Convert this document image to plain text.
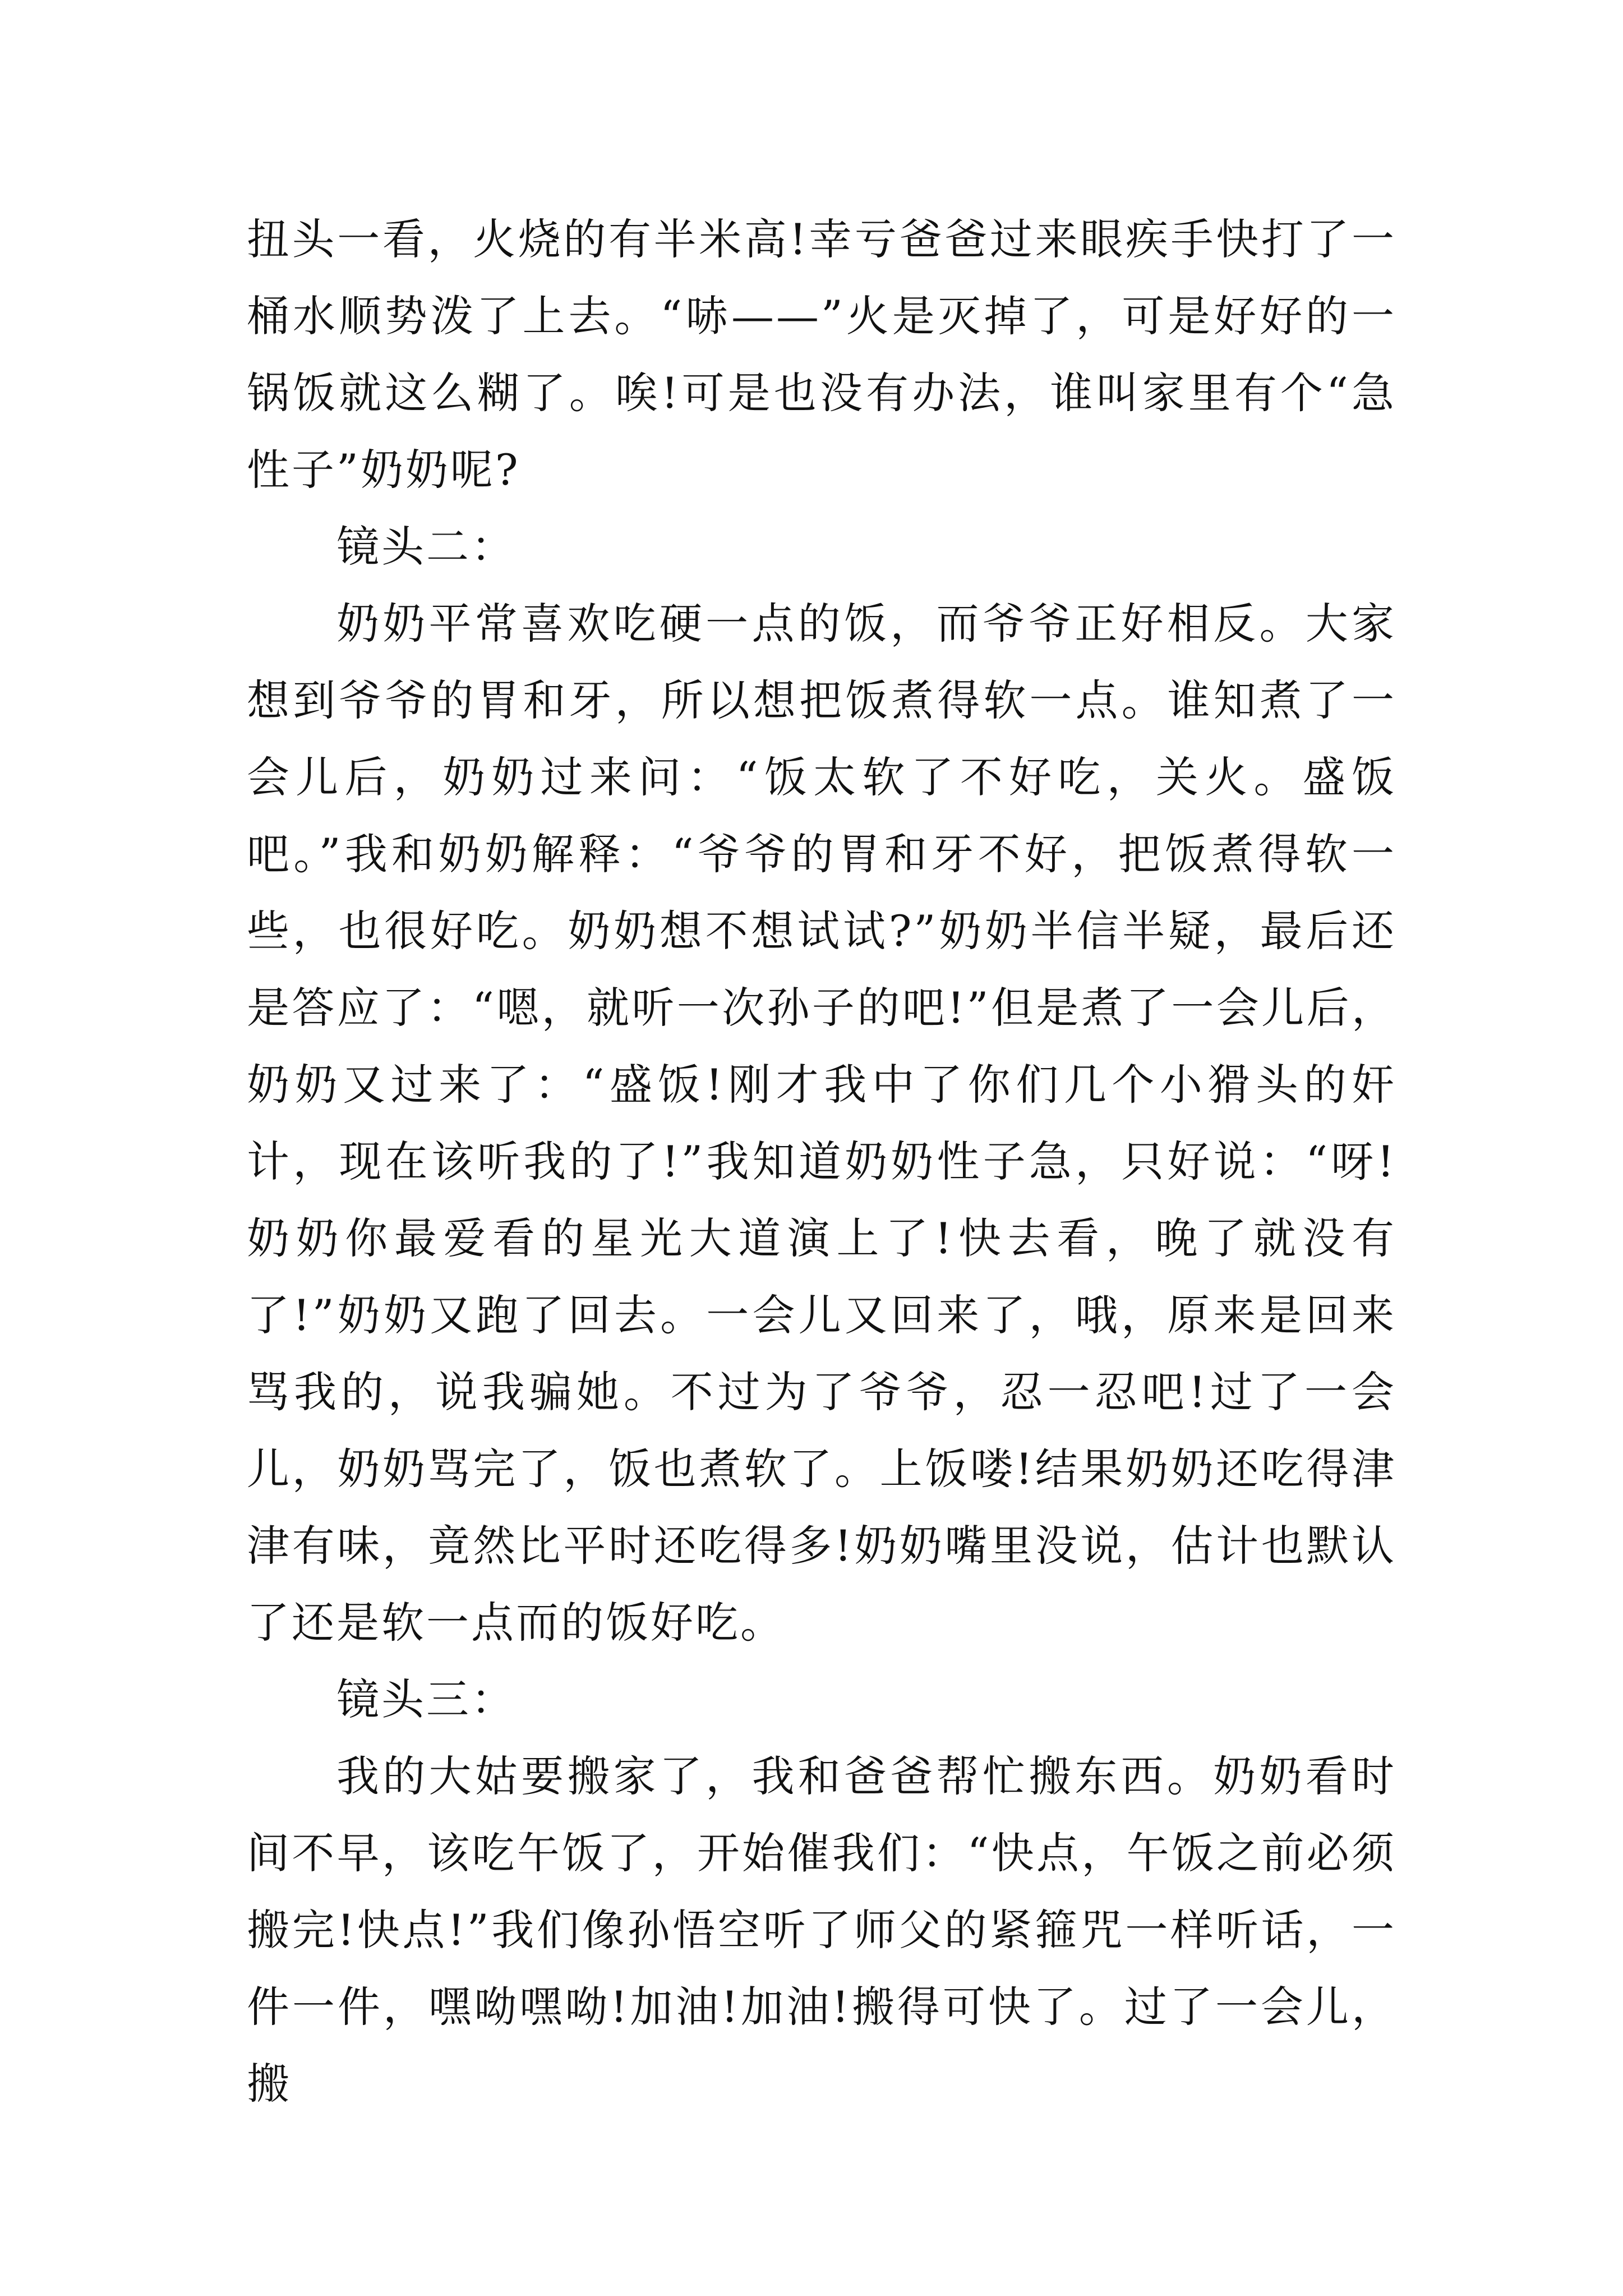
扭头一看，火烧的有半米高!幸亏爸爸过来眼疾手快打了一桶水顺势泼了上去。“哧——”火是灭掉了，可是好好的一锅饭就这么糊了。唉!可是也没有办法，谁叫家里有个“急性子”奶奶呢?

镜头二：

奶奶平常喜欢吃硬一点的饭，而爷爷正好相反。大家想到爷爷的胃和牙，所以想把饭煮得软一点。谁知煮了一会儿后，奶奶过来问：“饭太软了不好吃，关火。盛饭吧。”我和奶奶解释：“爷爷的胃和牙不好，把饭煮得软一些，也很好吃。奶奶想不想试试?”奶奶半信半疑，最后还是答应了：“嗯，就听一次孙子的吧!”但是煮了一会儿后，奶奶又过来了：“盛饭!刚才我中了你们几个小猾头的奸计，现在该听我的了!”我知道奶奶性子急，只好说：“呀!奶奶你最爱看的星光大道演上了!快去看，晚了就没有了!”奶奶又跑了回去。一会儿又回来了，哦，原来是回来骂我的，说我骗她。不过为了爷爷，忍一忍吧!过了一会儿，奶奶骂完了，饭也煮软了。上饭喽!结果奶奶还吃得津津有味，竟然比平时还吃得多!奶奶嘴里没说，估计也默认了还是软一点而的饭好吃。

镜头三：

我的大姑要搬家了，我和爸爸帮忙搬东西。奶奶看时间不早，该吃午饭了，开始催我们：“快点，午饭之前必须搬完!快点!”我们像孙悟空听了师父的紧箍咒一样听话，一件一件，嘿呦嘿呦!加油!加油!搬得可快了。过了一会儿，搬
